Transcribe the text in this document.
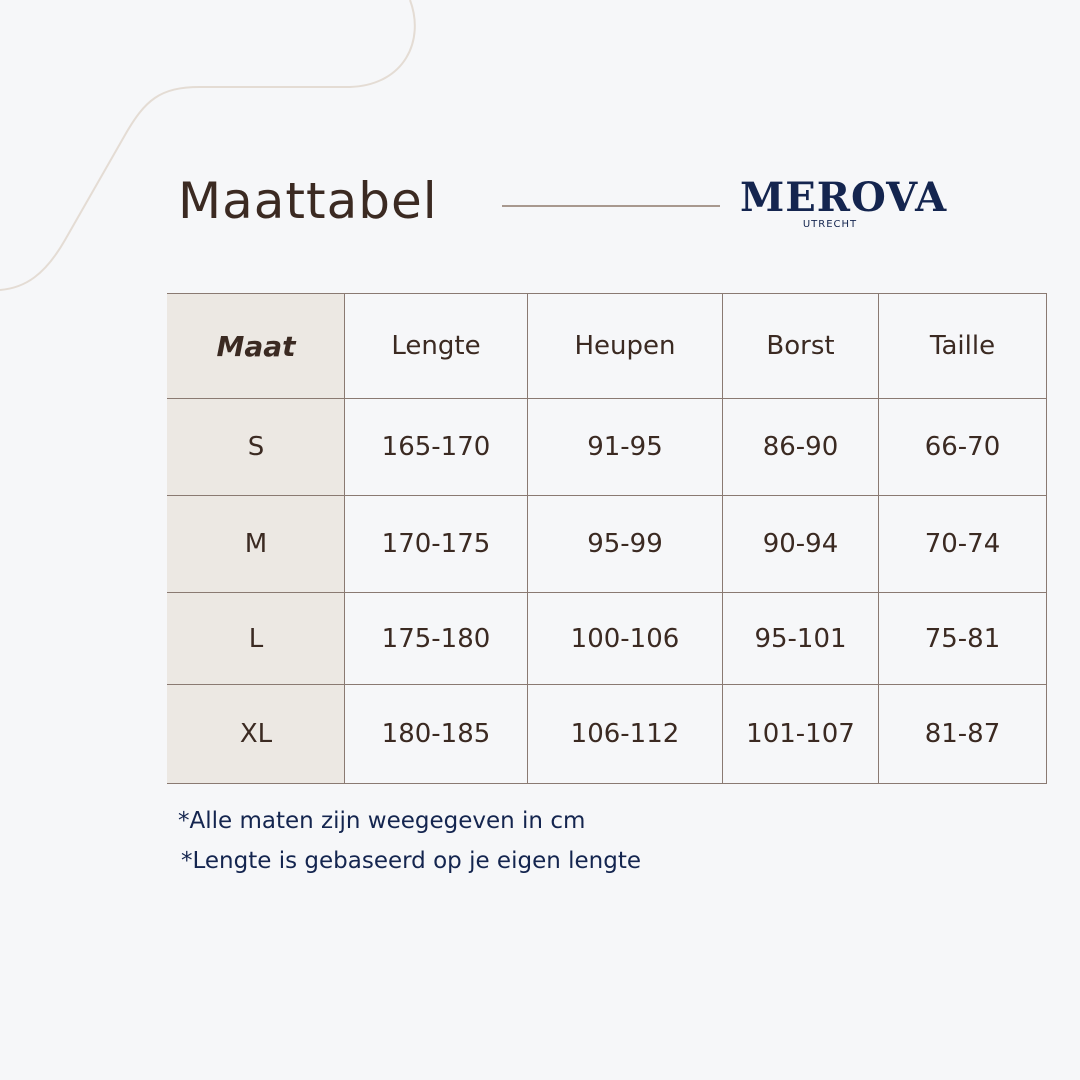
Maattabel	MEROVA
UTRECHT
Maat	Lengte	Heupen	Borst	Taille
S	165-170	91-95	86-90	66-70
M	170-175	95-99	90-94	70-74
L	175-180	100-106	95-101	75-81
XL	180-185	106-112	101-107	81-87

*Alle maten zijn weegegeven in cm

*Lengte is gebaseerd op je eigen lengte
